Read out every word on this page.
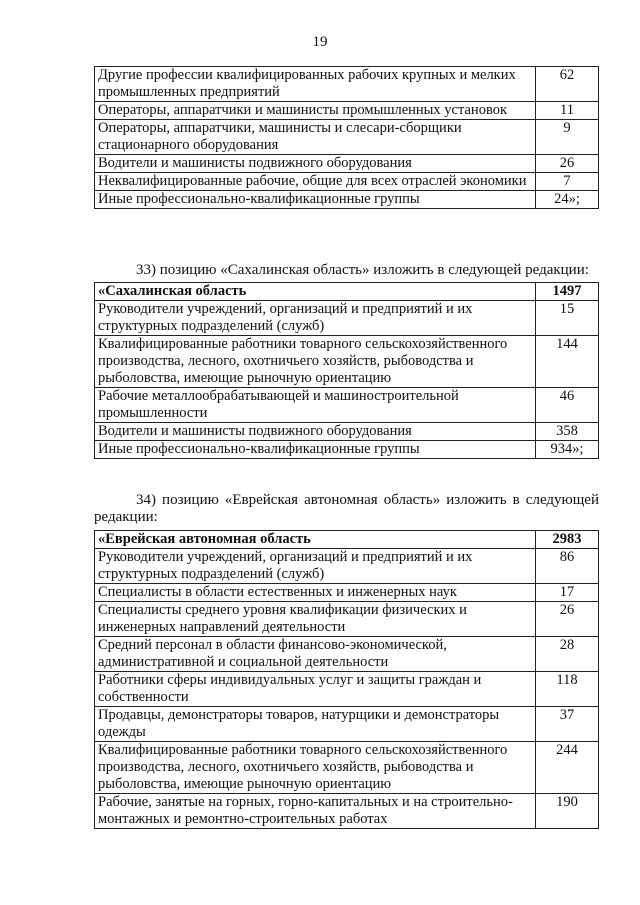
19
Другие профессии квалифицированных рабочих крупных и мелких промышленных предприятий	62
Операторы, аппаратчики и машинисты промышленных установок	11
Операторы, аппаратчики, машинисты и слесари-сборщики стационарного оборудования	9
Водители и машинисты подвижного оборудования	26
Неквалифицированные рабочие, общие для всех отраслей экономики	7
Иные профессионально-квалификационные группы	24»;
33) позицию «Сахалинская область» изложить в следующей редакции:
«Сахалинская область	1497
Руководители учреждений, организаций и предприятий и их структурных подразделений (служб)	15
Квалифицированные работники товарного сельскохозяйственного производства, лесного, охотничьего хозяйств, рыбоводства и рыболовства, имеющие рыночную ориентацию	144
Рабочие металлообрабатывающей и машиностроительной промышленности	46
Водители и машинисты подвижного оборудования	358
Иные профессионально-квалификационные группы	934»;
34) позицию «Еврейская автономная область» изложить в следующей редакции:
«Еврейская автономная область	2983
Руководители учреждений, организаций и предприятий и их структурных подразделений (служб)	86
Специалисты в области естественных и инженерных наук	17
Специалисты среднего уровня квалификации физических и инженерных направлений деятельности	26
Средний персонал в области финансово-экономической, административной и социальной деятельности	28
Работники сферы индивидуальных услуг и защиты граждан и собственности	118
Продавцы, демонстраторы товаров, натурщики и демонстраторы одежды	37
Квалифицированные работники товарного сельскохозяйственного производства, лесного, охотничьего хозяйств, рыбоводства и рыболовства, имеющие рыночную ориентацию	244
Рабочие, занятые на горных, горно-капитальных и на строительно-монтажных и ремонтно-строительных работах	190
